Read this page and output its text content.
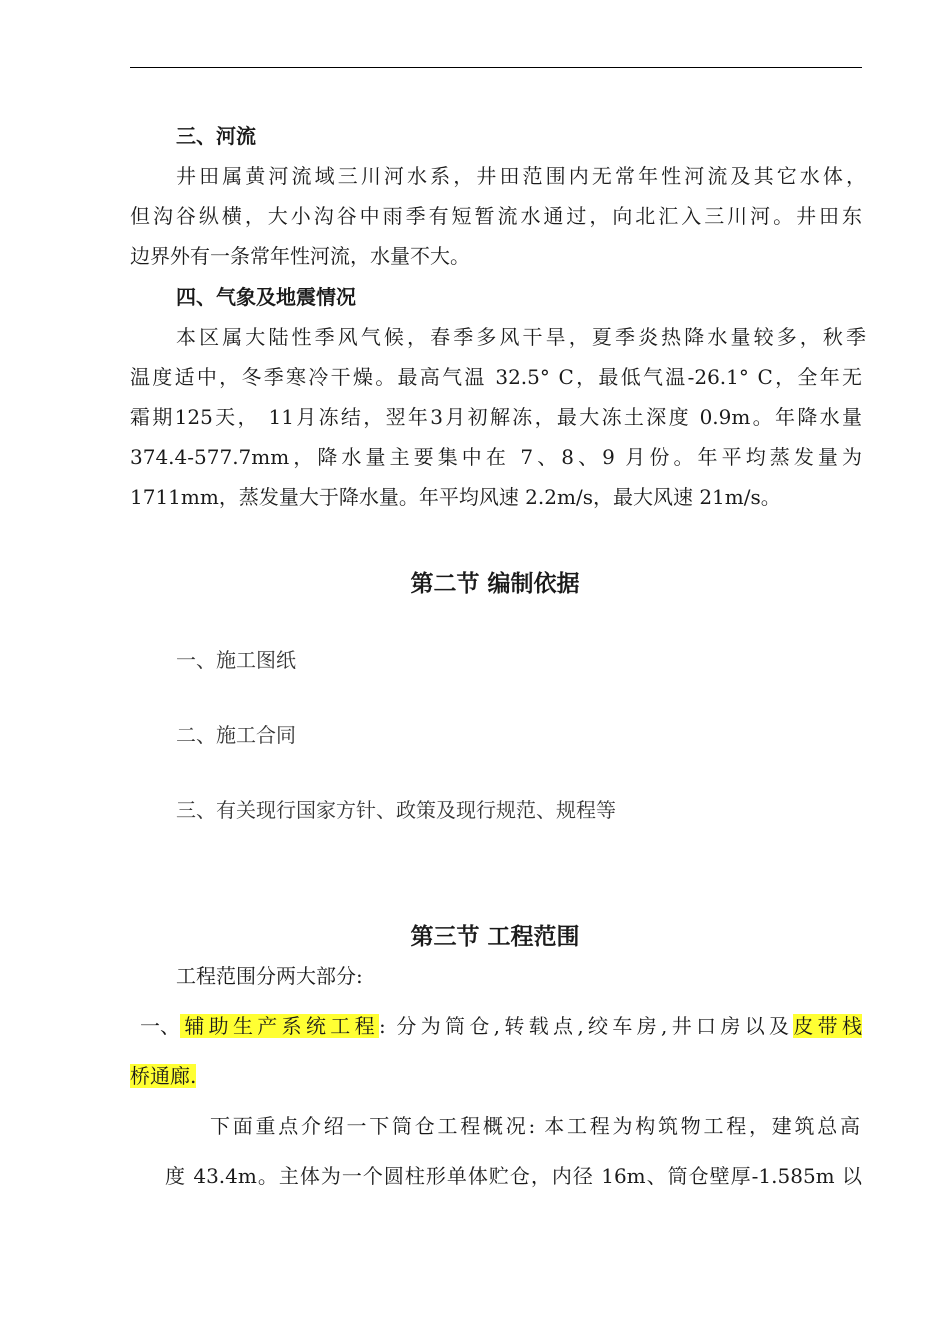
三、河流
井田属黄河流域三川河水系，井田范围内无常年性河流及其它水体，
但沟谷纵横，大小沟谷中雨季有短暂流水通过，向北汇入三川河。井田东
边界外有一条常年性河流，水量不大。
四、气象及地震情况
本区属大陆性季风气候，春季多风干旱，夏季炎热降水量较多，秋季
温度适中，冬季寒冷干燥。最高气温 32.5° C，最低气温-26.1° C，全年无
霜期125天， 11月冻结，翌年3月初解冻，最大冻土深度 0.9m。年降水量
374.4-577.7mm，降水量主要集中在 7、8、9 月份。年平均蒸发量为
1711mm，蒸发量大于降水量。年平均风速 2.2m/s，最大风速 21m/s。
第二节 编制依据
一、施工图纸
二、施工合同
三、有关现行国家方针、政策及现行规范、规程等
第三节 工程范围
工程范围分两大部分:
一、辅助生产系统工程: 分为筒仓,转载点,绞车房,井口房以及皮带栈
桥通廊.
下面重点介绍一下筒仓工程概况: 本工程为构筑物工程，建筑总高
度 43.4m。主体为一个圆柱形单体贮仓，内径 16m、筒仓壁厚-1.585m 以
